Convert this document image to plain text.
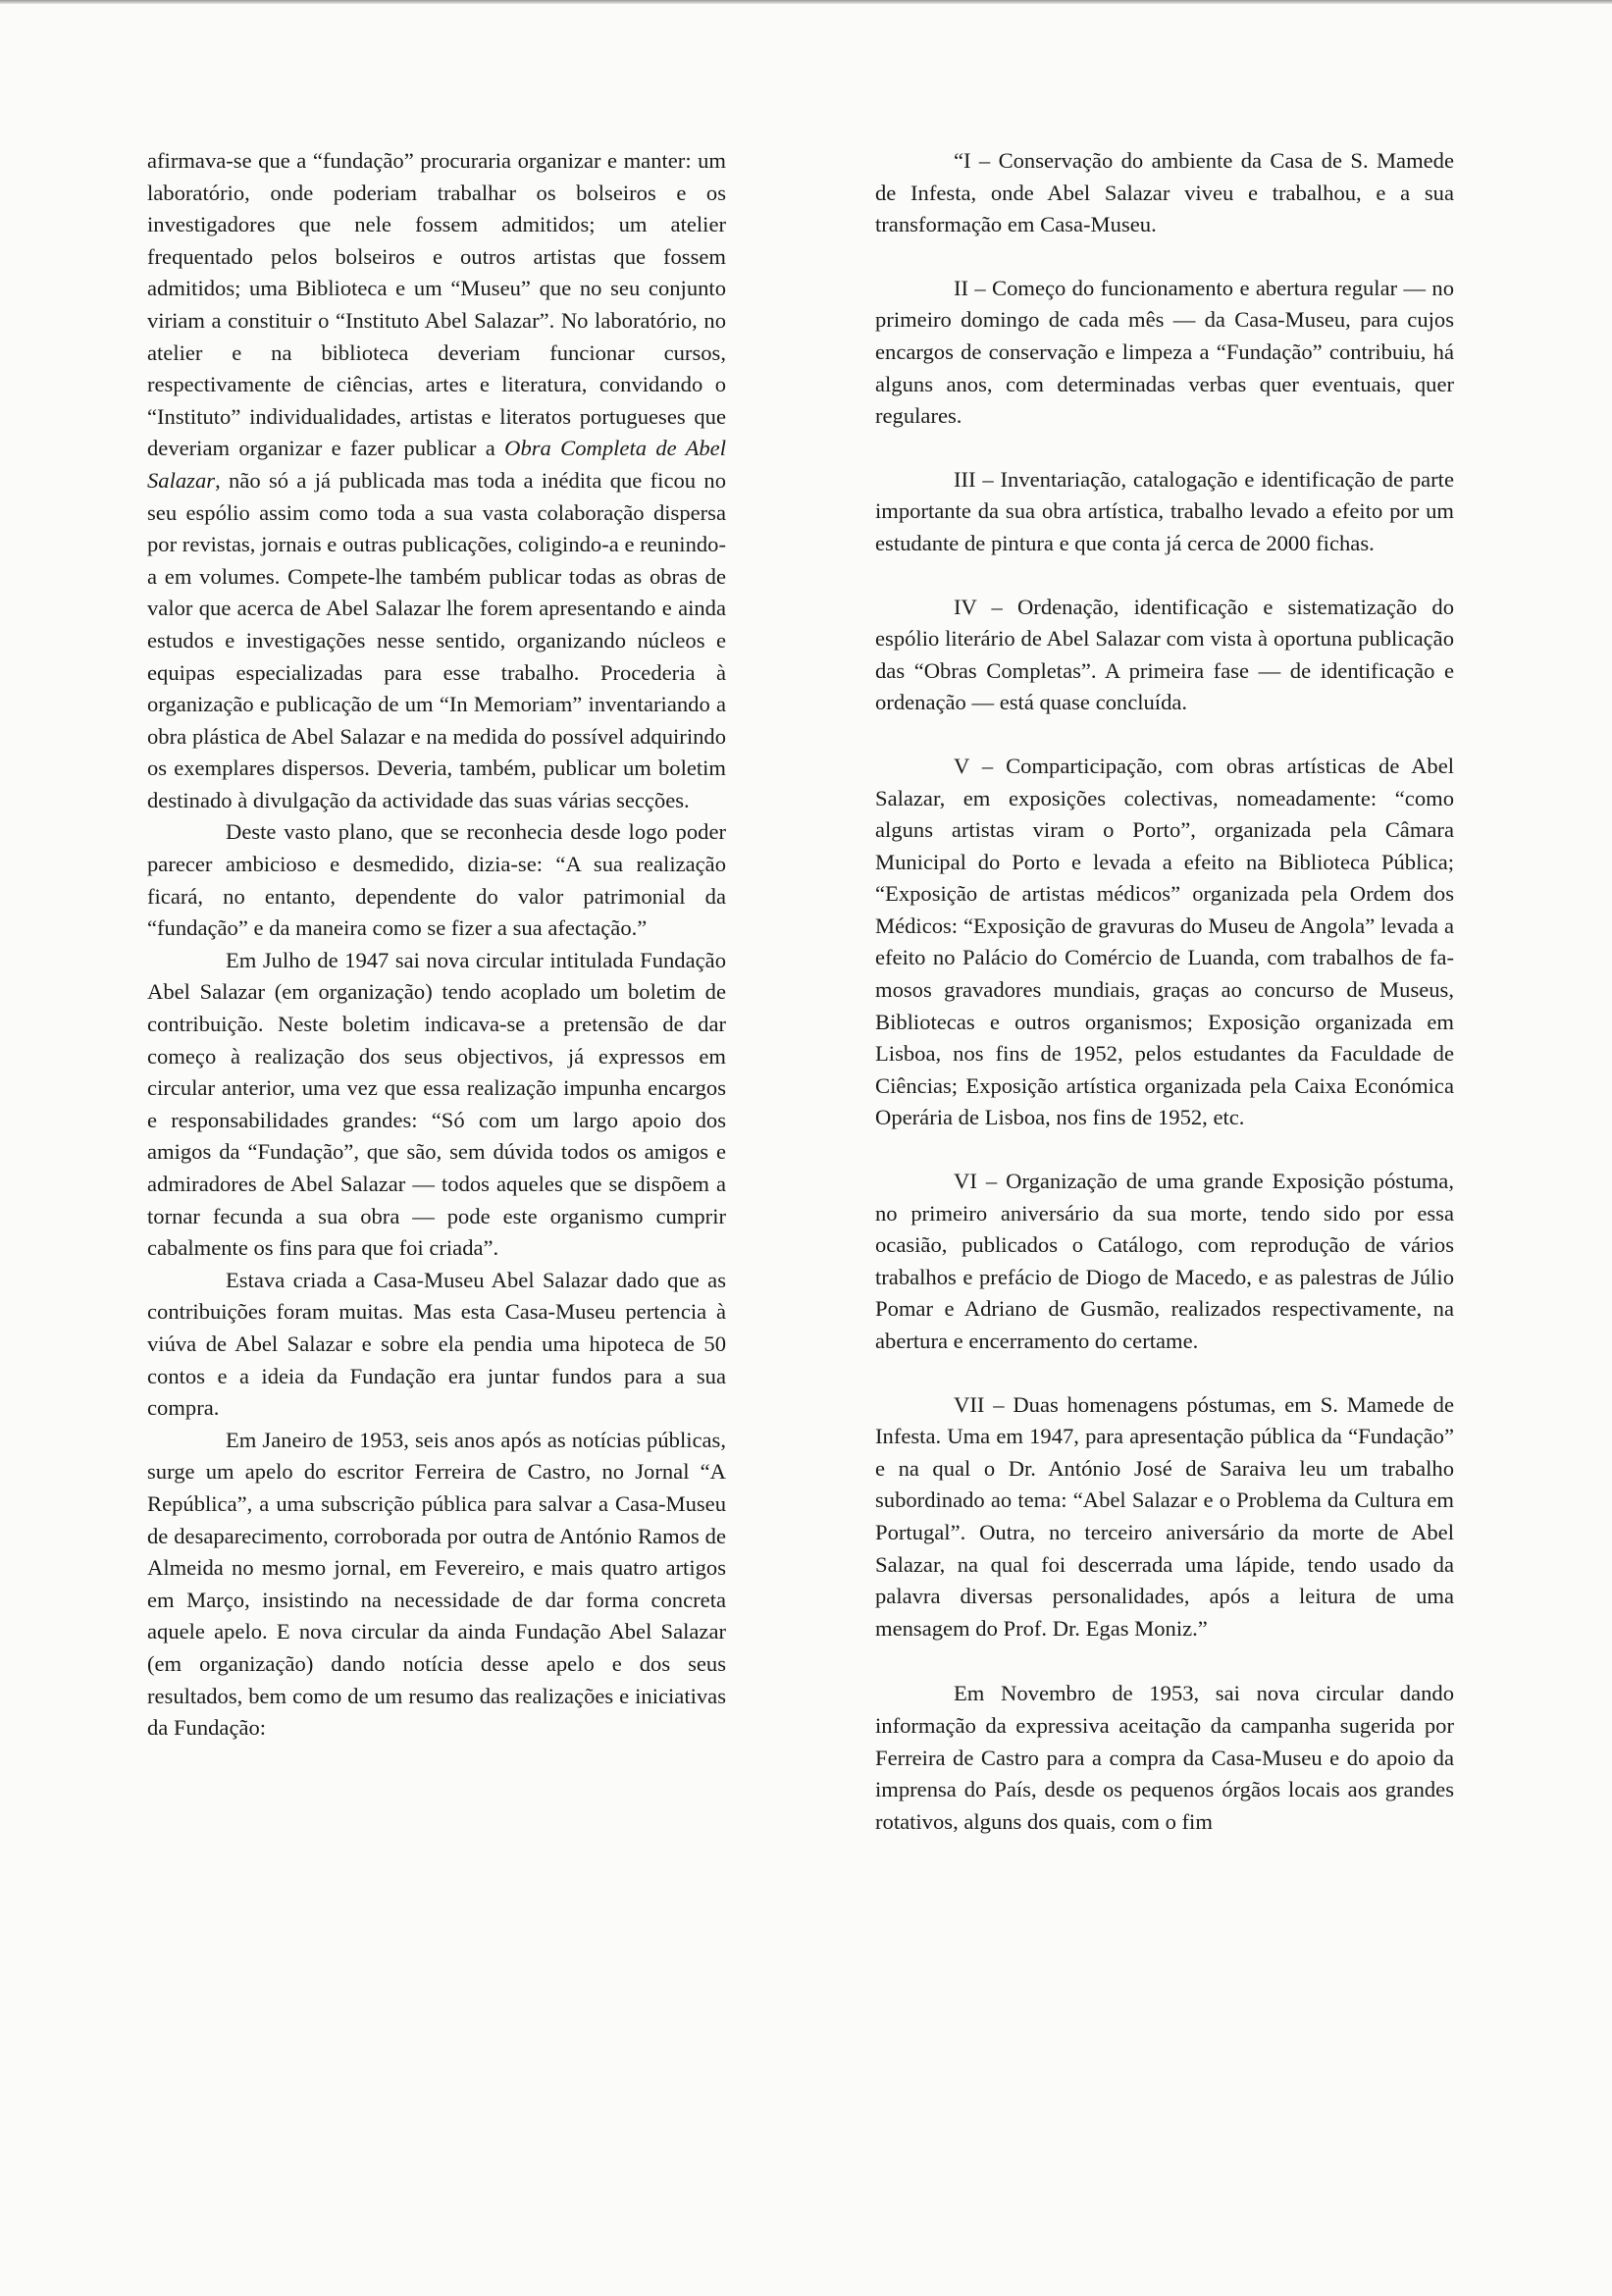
afirmava-se que a “fundação” procuraria organizar e manter: um laboratório, onde poderiam trabalhar os bolseiros e os investigadores que nele fossem admitidos; um atelier frequentado pelos bolseiros e outros artistas que fossem admitidos; uma Biblioteca e um “Museu” que no seu conjunto viriam a constituir o “Instituto Abel Salazar”. No laboratório, no atelier e na biblioteca deveriam funcionar cursos, respectivamente de ciências, artes e literatura, convidando o “Instituto” individualidades, artistas e literatos portugueses que deveriam organizar e fazer publicar a Obra Completa de Abel Salazar, não só a já publicada mas toda a inédita que ficou no seu espólio assim como toda a sua vasta colaboração dispersa por revistas, jornais e outras publicações, coligindo-a e reunindo-a em volumes. Compete-lhe também publicar todas as obras de valor que acerca de Abel Salazar lhe forem apresentando e ainda estudos e investigações nesse sentido, organizando núcleos e equipas especializadas para esse trabalho. Procederia à organização e publicação de um “In Memoriam” inventariando a obra plástica de Abel Salazar e na medida do possível adquirindo os exemplares dispersos. Deveria, também, publicar um boletim destinado à divulgação da actividade das suas várias secções.

Deste vasto plano, que se reconhecia desde logo poder parecer ambicioso e desmedido, dizia-se: “A sua realização ficará, no entanto, dependente do valor patrimonial da “fundação” e da maneira como se fizer a sua afectação.”

Em Julho de 1947 sai nova circular intitulada Fundação Abel Salazar (em organização) tendo acoplado um boletim de contribuição. Neste boletim indicava-se a pretensão de dar começo à realização dos seus objectivos, já expressos em circular anterior, uma vez que essa realização impunha encargos e responsabilidades grandes: “Só com um largo apoio dos amigos da “Fundação”, que são, sem dúvida todos os amigos e admiradores de Abel Salazar — todos aqueles que se dispõem a tornar fecunda a sua obra — pode este organismo cumprir cabalmente os fins para que foi criada”.

Estava criada a Casa-Museu Abel Salazar dado que as contribuições foram muitas. Mas esta Casa-Museu pertencia à viúva de Abel Salazar e sobre ela pendia uma hipoteca de 50 contos e a ideia da Fundação era juntar fundos para a sua compra.

Em Janeiro de 1953, seis anos após as notícias públicas, surge um apelo do escritor Ferreira de Castro, no Jornal “A República”, a uma subscrição pública para salvar a Casa-Museu de desaparecimento, corroborada por outra de António Ramos de Almeida no mesmo jornal, em Fevereiro, e mais quatro artigos em Março, insistindo na necessidade de dar forma concreta aquele apelo. E nova circular da ainda Fundação Abel Salazar (em organização) dando notícia desse apelo e dos seus resultados, bem como de um resumo das realizações e iniciativas da Fundação:

“I – Conservação do ambiente da Casa de S. Mamede de Infesta, onde Abel Salazar viveu e trabalhou, e a sua transformação em Casa-Museu.

II – Começo do funcionamento e abertura regular — no primeiro domingo de cada mês — da Casa-Museu, para cujos encargos de conservação e limpeza a “Fundação” contribuiu, há alguns anos, com determinadas verbas quer eventuais, quer regulares.

III – Inventariação, catalogação e identificação de parte importante da sua obra artística, trabalho levado a efeito por um estudante de pintura e que conta já cerca de 2000 fichas.

IV – Ordenação, identificação e sistematização do espólio literário de Abel Salazar com vista à oportuna publicação das “Obras Completas”. A primeira fase — de identificação e ordenação — está quase concluída.

V – Comparticipação, com obras artísticas de Abel Salazar, em exposições colectivas, nomeadamente: “como alguns artistas viram o Porto”, organizada pela Câmara Municipal do Porto e levada a efeito na Biblioteca Pública; “Exposição de artistas médicos” organizada pela Ordem dos Médicos: “Exposição de gravuras do Museu de Angola” levada a efeito no Palácio do Comércio de Luanda, com trabalhos de famosos gravadores mundiais, graças ao concurso de Museus, Bibliotecas e outros organismos; Exposição organizada em Lisboa, nos fins de 1952, pelos estudantes da Faculdade de Ciências; Exposição artística organizada pela Caixa Económica Operária de Lisboa, nos fins de 1952, etc.

VI – Organização de uma grande Exposição póstuma, no primeiro aniversário da sua morte, tendo sido por essa ocasião, publicados o Catálogo, com reprodução de vários trabalhos e prefácio de Diogo de Macedo, e as palestras de Júlio Pomar e Adriano de Gusmão, realizados respectivamente, na abertura e encerramento do certame.

VII – Duas homenagens póstumas, em S. Mamede de Infesta. Uma em 1947, para apresentação pública da “Fundação” e na qual o Dr. António José de Saraiva leu um trabalho subordinado ao tema: “Abel Salazar e o Problema da Cultura em Portugal”. Outra, no terceiro aniversário da morte de Abel Salazar, na qual foi descerrada uma lápide, tendo usado da palavra diversas personalidades, após a leitura de uma mensagem do Prof. Dr. Egas Moniz.”

Em Novembro de 1953, sai nova circular dando informação da expressiva aceitação da campanha sugerida por Ferreira de Castro para a compra da Casa-Museu e do apoio da imprensa do País, desde os pequenos órgãos locais aos grandes rotativos, alguns dos quais, com o fim
